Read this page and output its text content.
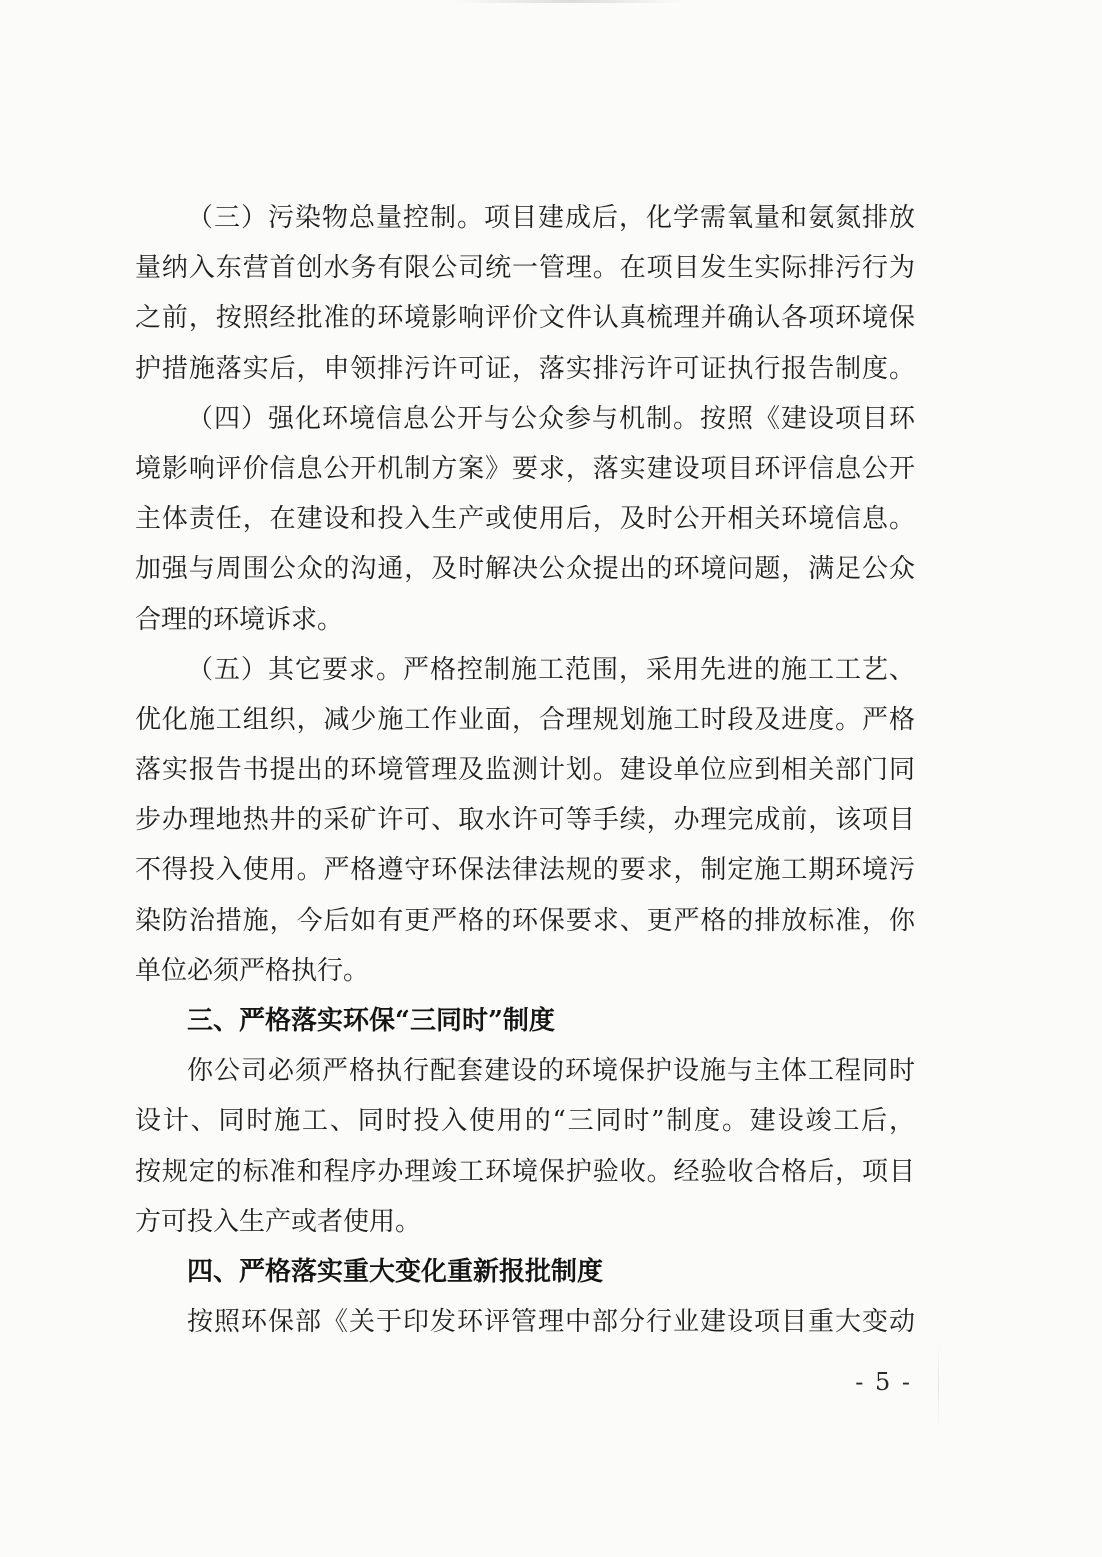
（三）污染物总量控制。项目建成后，化学需氧量和氨氮排放
量纳入东营首创水务有限公司统一管理。在项目发生实际排污行为
之前，按照经批准的环境影响评价文件认真梳理并确认各项环境保
护措施落实后，申领排污许可证，落实排污许可证执行报告制度。
（四）强化环境信息公开与公众参与机制。按照《建设项目环
境影响评价信息公开机制方案》要求，落实建设项目环评信息公开
主体责任，在建设和投入生产或使用后，及时公开相关环境信息。
加强与周围公众的沟通，及时解决公众提出的环境问题，满足公众
合理的环境诉求。
（五）其它要求。严格控制施工范围，采用先进的施工工艺、
优化施工组织，减少施工作业面，合理规划施工时段及进度。严格
落实报告书提出的环境管理及监测计划。建设单位应到相关部门同
步办理地热井的采矿许可、取水许可等手续，办理完成前，该项目
不得投入使用。严格遵守环保法律法规的要求，制定施工期环境污
染防治措施，今后如有更严格的环保要求、更严格的排放标准，你
单位必须严格执行。
三、严格落实环保“三同时”制度
你公司必须严格执行配套建设的环境保护设施与主体工程同时
设计、同时施工、同时投入使用的“三同时”制度。建设竣工后，
按规定的标准和程序办理竣工环境保护验收。经验收合格后，项目
方可投入生产或者使用。
四、严格落实重大变化重新报批制度
按照环保部《关于印发环评管理中部分行业建设项目重大变动
- 5 -
